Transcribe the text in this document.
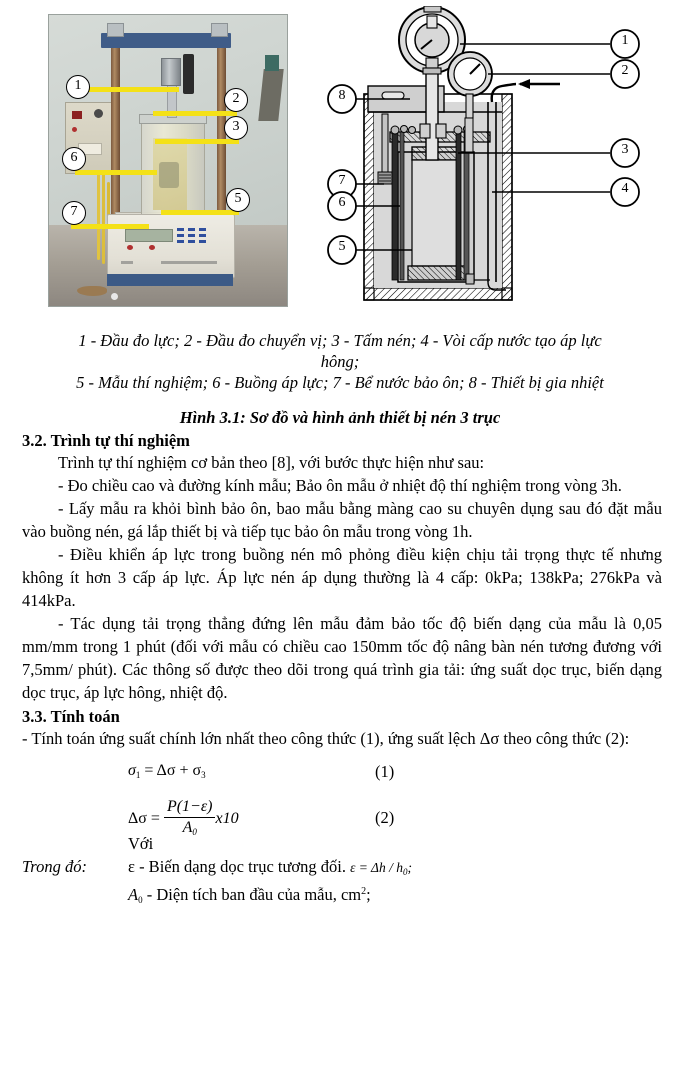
1
2
3
6
7
5
1
2
8
3
7
6
4
5
1 - Đầu đo lực; 2 - Đầu đo chuyển vị; 3 - Tấm nén; 4 - Vòi cấp nước tạo áp lực
hông;
5 - Mẫu thí nghiệm; 6 - Buồng áp lực; 7 - Bể nước bảo ôn; 8 - Thiết bị gia nhiệt
Hình 3.1: Sơ đồ và hình ảnh thiết bị nén 3 trục
3.2. Trình tự thí nghiệm

Trình tự thí nghiệm cơ bản theo [8], với bước thực hiện như sau:

- Đo chiều cao và đường kính mẫu; Bảo ôn mẫu ở nhiệt độ thí nghiệm trong vòng 3h.

- Lấy mẫu ra khỏi bình bảo ôn, bao mẫu bằng màng cao su chuyên dụng sau đó đặt mẫu vào buồng nén, gá lắp thiết bị và tiếp tục bảo ôn mẫu trong vòng 1h.

- Điều khiển áp lực trong buồng nén mô phỏng điều kiện chịu tải trọng thực tế nhưng không ít hơn 3 cấp áp lực. Áp lực nén áp dụng thường là 4 cấp: 0kPa; 138kPa; 276kPa và 414kPa.

- Tác dụng tải trọng thẳng đứng lên mẫu đảm bảo tốc độ biến dạng của mẫu là 0,05 mm/mm trong 1 phút (đối với mẫu có chiều cao 150mm tốc độ nâng bàn nén tương đương với 7,5mm/ phút). Các thông số được theo dõi trong quá trình gia tải: ứng suất dọc trục, biến dạng dọc trục, áp lực hông, nhiệt độ.

3.3. Tính toán

- Tính toán ứng suất chính lớn nhất theo công thức (1), ứng suất lệch Δσ theo công thức (2):

$\sigma_1 = \Delta\sigma + \sigma_3$	(1)
$\Delta\sigma = \frac{P(1-\varepsilon)}{A_0} x10$	(2)
Với
Trong đó: ε - Biến dạng dọc trục tương đối. $\varepsilon = \Delta h / h_0$;
$A_0$ - Diện tích ban đầu của mẫu, $cm^2$;
